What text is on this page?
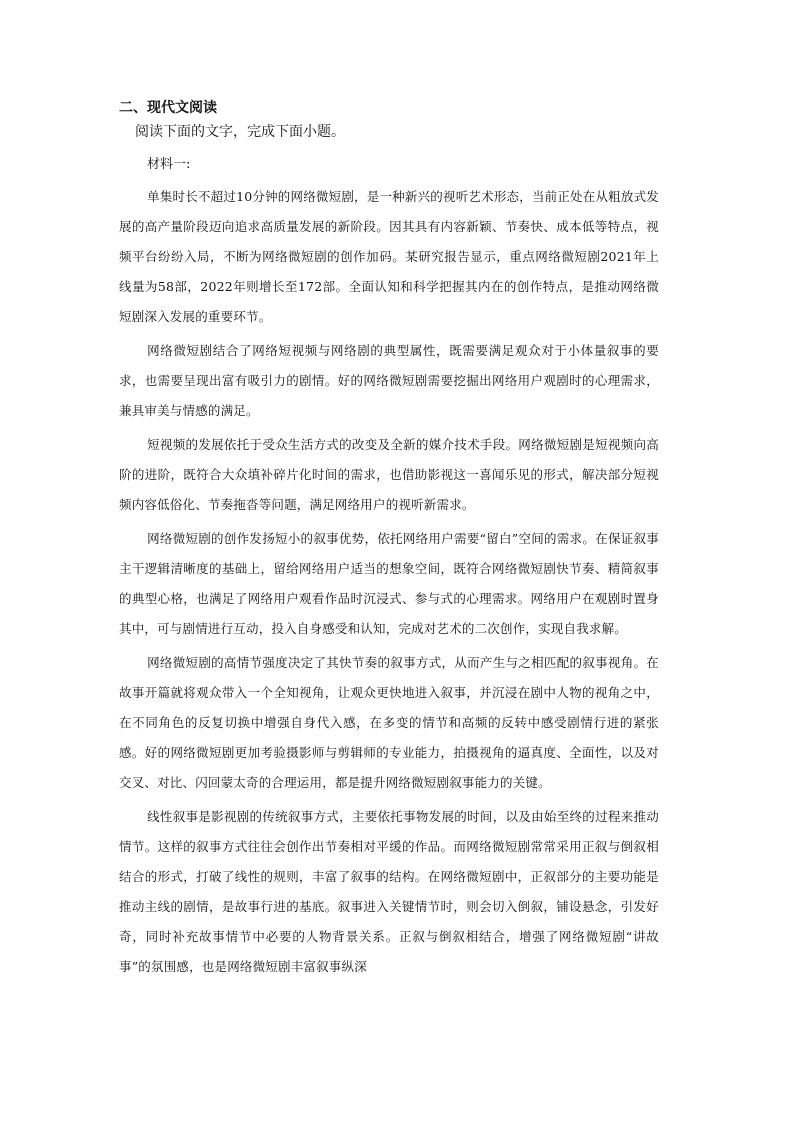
二、现代文阅读
阅读下面的文字，完成下面小题。
材料一:

单集时长不超过10分钟的网络微短剧，是一种新兴的视听艺术形态，当前正处在从粗放式发展的高产量阶段迈向追求高质量发展的新阶段。因其具有内容新颖、节奏快、成本低等特点，视频平台纷纷入局，不断为网络微短剧的创作加码。某研究报告显示，重点网络微短剧2021年上线量为58部，2022年则增长至172部。全面认知和科学把握其内在的创作特点，是推动网络微短剧深入发展的重要环节。

网络微短剧结合了网络短视频与网络剧的典型属性，既需要满足观众对于小体量叙事的要求，也需要呈现出富有吸引力的剧情。好的网络微短剧需要挖掘出网络用户观剧时的心理需求，兼具审美与情感的满足。

短视频的发展依托于受众生活方式的改变及全新的媒介技术手段。网络微短剧是短视频向高阶的进阶，既符合大众填补碎片化时间的需求，也借助影视这一喜闻乐见的形式，解决部分短视频内容低俗化、节奏拖沓等问题，满足网络用户的视听新需求。

网络微短剧的创作发扬短小的叙事优势，依托网络用户需要“留白”空间的需求。在保证叙事主干逻辑清晰度的基础上，留给网络用户适当的想象空间，既符合网络微短剧快节奏、精简叙事的典型心格，也满足了网络用户观看作品时沉浸式、参与式的心理需求。网络用户在观剧时置身其中，可与剧情进行互动，投入自身感受和认知，完成对艺术的二次创作，实现自我求解。

网络微短剧的高情节强度决定了其快节奏的叙事方式，从而产生与之相匹配的叙事视角。在故事开篇就将观众带入一个全知视角，让观众更快地进入叙事，并沉浸在剧中人物的视角之中，在不同角色的反复切换中增强自身代入感，在多变的情节和高频的反转中感受剧情行进的紧张感。好的网络微短剧更加考验摄影师与剪辑师的专业能力，拍摄视角的逼真度、全面性，以及对交叉、对比、闪回蒙太奇的合理运用，都是提升网络微短剧叙事能力的关键。

线性叙事是影视剧的传统叙事方式，主要依托事物发展的时间，以及由始至终的过程来推动情节。这样的叙事方式往往会创作出节奏相对平缓的作品。而网络微短剧常常采用正叙与倒叙相结合的形式，打破了线性的规则，丰富了叙事的结构。在网络微短剧中，正叙部分的主要功能是推动主线的剧情，是故事行进的基底。叙事进入关键情节时，则会切入倒叙，铺设悬念，引发好奇，同时补充故事情节中必要的人物背景关系。正叙与倒叙相结合，增强了网络微短剧“讲故事”的氛围感，也是网络微短剧丰富叙事纵深
